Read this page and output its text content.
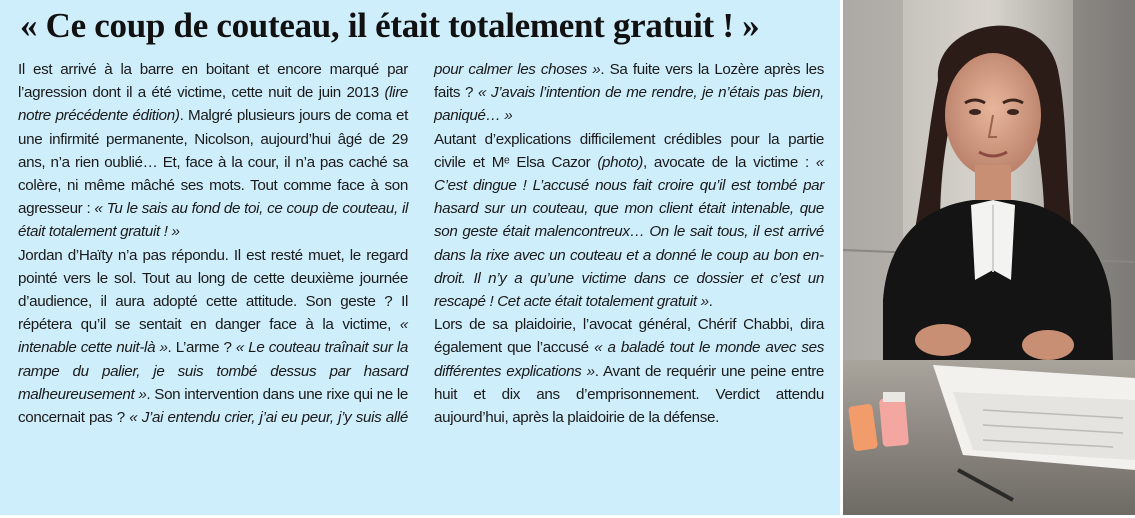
« Ce coup de couteau, il était totalement gratuit ! »

Il est arrivé à la barre en boitant et encore marqué par l’agression dont il a été victime, cette nuit de juin 2013 (lire notre précédente édition). Malgré plusieurs jours de coma et une infirmité permanente, Nicolson, aujourd’hui âgé de 29 ans, n’a rien oublié… Et, face à la cour, il n’a pas caché sa colère, ni même mâché ses mots. Tout comme face à son agresseur : « Tu le sais au fond de toi, ce coup de couteau, il était totalement gratuit ! »

Jordan d’Haïty n’a pas répondu. Il est resté muet, le regard pointé vers le sol. Tout au long de cette deuxième journée d’audience, il aura adopté cette attitude. Son geste ? Il répétera qu’il se sentait en danger face à la victime, « intenable cette nuit-là ». L’arme ? « Le couteau traînait sur la rampe du palier, je suis tombé dessus par hasard malheureusement ». Son intervention dans une rixe qui ne le concernait pas ? « J’ai entendu crier, j’ai eu peur, j’y suis allé pour calmer les choses ». Sa fuite vers la Lozère après les faits ? « J’avais l’intention de me rendre, je n’étais pas bien, paniqué… »

Autant d’explications difficilement crédibles pour la partie civile et Mᵉ Elsa Cazor (photo), avocate de la victime : « C’est dingue ! L’accusé nous fait croire qu’il est tombé par hasard sur un couteau, que mon client était intenable, que son geste était malencontreux… On le sait tous, il est arrivé dans la rixe avec un couteau et a donné le coup au bon endroit. Il n’y a qu’une victime dans ce dossier et c’est un rescapé ! Cet acte était totalement gratuit ».

Lors de sa plaidoirie, l’avocat général, Chérif Chabbi, dira également que l’accusé « a baladé tout le monde avec ses différentes explications ». Avant de requérir une peine entre huit et dix ans d’emprisonnement. Verdict attendu aujourd’hui, après la plaidoirie de la défense.
